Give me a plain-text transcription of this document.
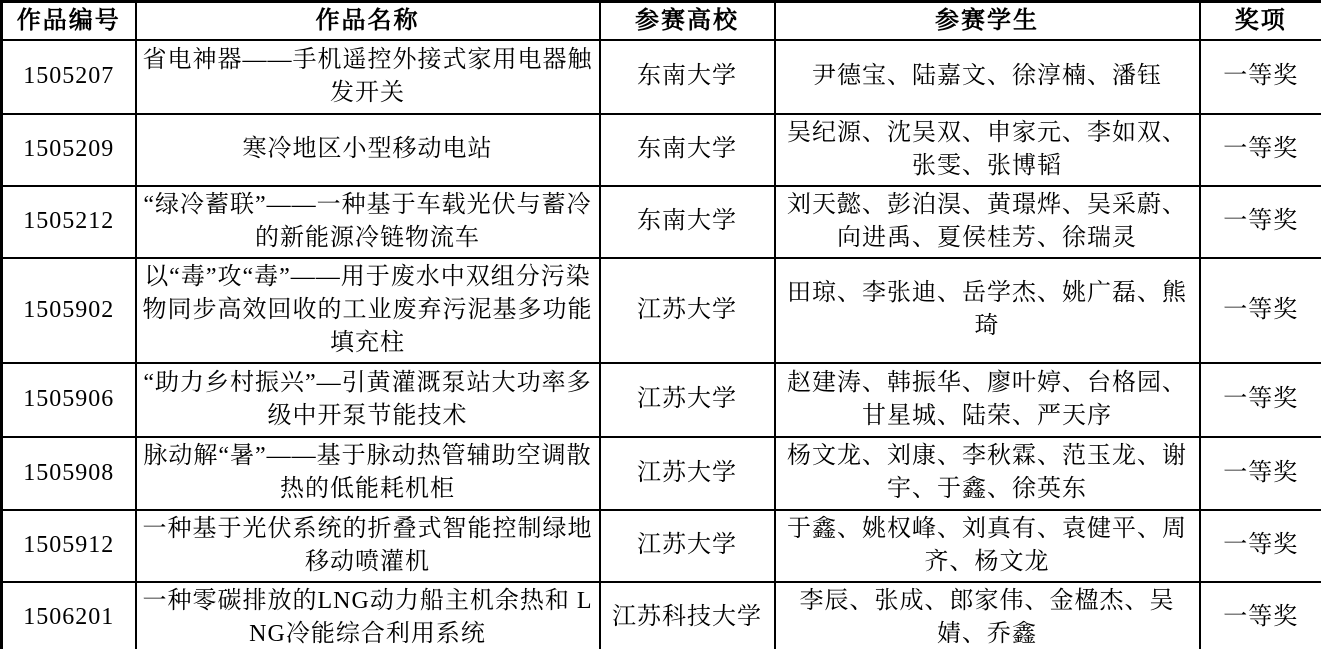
作品编号	作品名称	参赛高校	参赛学生	奖项
1505207	省电神器——手机遥控外接式家用电器触发开关	东南大学	尹德宝、陆嘉文、徐淳楠、潘钰	一等奖
1505209	寒冷地区小型移动电站	东南大学	吴纪源、沈吴双、申家元、李如双、张雯、张博韬	一等奖
1505212	“绿冷蓄联”——一种基于车载光伏与蓄冷的新能源冷链物流车	东南大学	刘天懿、彭泊淏、黄璟烨、吴采蔚、向进禹、夏侯桂芳、徐瑞灵	一等奖
1505902	以“毒”攻“毒”——用于废水中双组分污染物同步高效回收的工业废弃污泥基多功能填充柱	江苏大学	田琼、李张迪、岳学杰、姚广磊、熊琦	一等奖
1505906	“助力乡村振兴”—引黄灌溉泵站大功率多级中开泵节能技术	江苏大学	赵建涛、韩振华、廖叶婷、台格园、甘星城、陆荣、严天序	一等奖
1505908	脉动解“暑”——基于脉动热管辅助空调散热的低能耗机柜	江苏大学	杨文龙、刘康、李秋霖、范玉龙、谢宇、于鑫、徐英东	一等奖
1505912	一种基于光伏系统的折叠式智能控制绿地移动喷灌机	江苏大学	于鑫、姚权峰、刘真有、袁健平、周齐、杨文龙	一等奖
1506201	一种零碳排放的LNG动力船主机余热和 LNG冷能综合利用系统	江苏科技大学	李辰、张成、郎家伟、金楹杰、吴婧、乔鑫	一等奖
